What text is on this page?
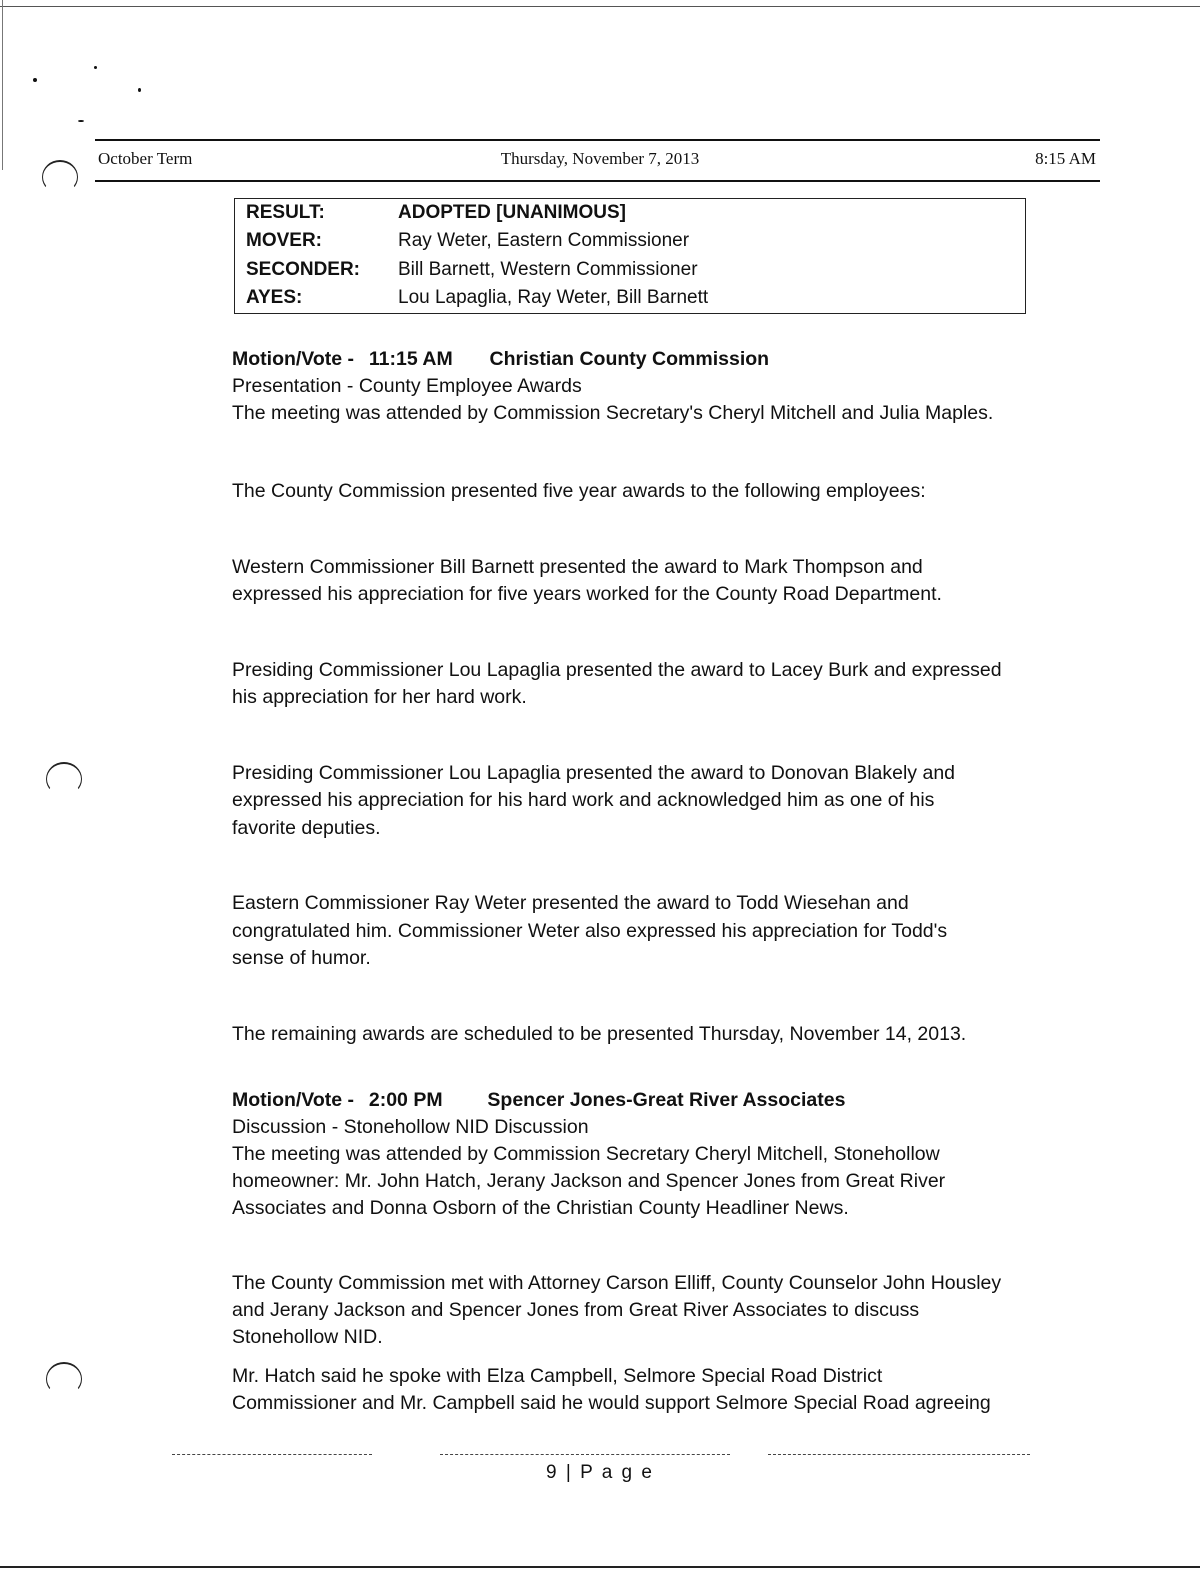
October Term	Thursday, November 7, 2013	8:15 AM
RESULT:	ADOPTED [UNANIMOUS]
MOVER:	Ray Weter, Eastern Commissioner
SECONDER: Bill Barnett, Western Commissioner
AYES:	Lou Lapaglia, Ray Weter, Bill Barnett
Motion/Vote - 11:15 AM Christian County Commission
Presentation - County Employee Awards
The meeting was attended by Commission Secretary's Cheryl Mitchell and Julia Maples.
The County Commission presented five year awards to the following employees:
Western Commissioner Bill Barnett presented the award to Mark Thompson and
expressed his appreciation for five years worked for the County Road Department.
Presiding Commissioner Lou Lapaglia presented the award to Lacey Burk and expressed
his appreciation for her hard work.
Presiding Commissioner Lou Lapaglia presented the award to Donovan Blakely and
expressed his appreciation for his hard work and acknowledged him as one of his
favorite deputies.
Eastern Commissioner Ray Weter presented the award to Todd Wiesehan and
congratulated him. Commissioner Weter also expressed his appreciation for Todd's
sense of humor.
The remaining awards are scheduled to be presented Thursday, November 14, 2013.
Motion/Vote - 2:00 PM Spencer Jones-Great River Associates
Discussion - Stonehollow NID Discussion
The meeting was attended by Commission Secretary Cheryl Mitchell, Stonehollow
homeowner: Mr. John Hatch, Jerany Jackson and Spencer Jones from Great River
Associates and Donna Osborn of the Christian County Headliner News.
The County Commission met with Attorney Carson Elliff, County Counselor John Housley
and Jerany Jackson and Spencer Jones from Great River Associates to discuss
Stonehollow NID.
Mr. Hatch said he spoke with Elza Campbell, Selmore Special Road District
Commissioner and Mr. Campbell said he would support Selmore Special Road agreeing
9 | P a g e
